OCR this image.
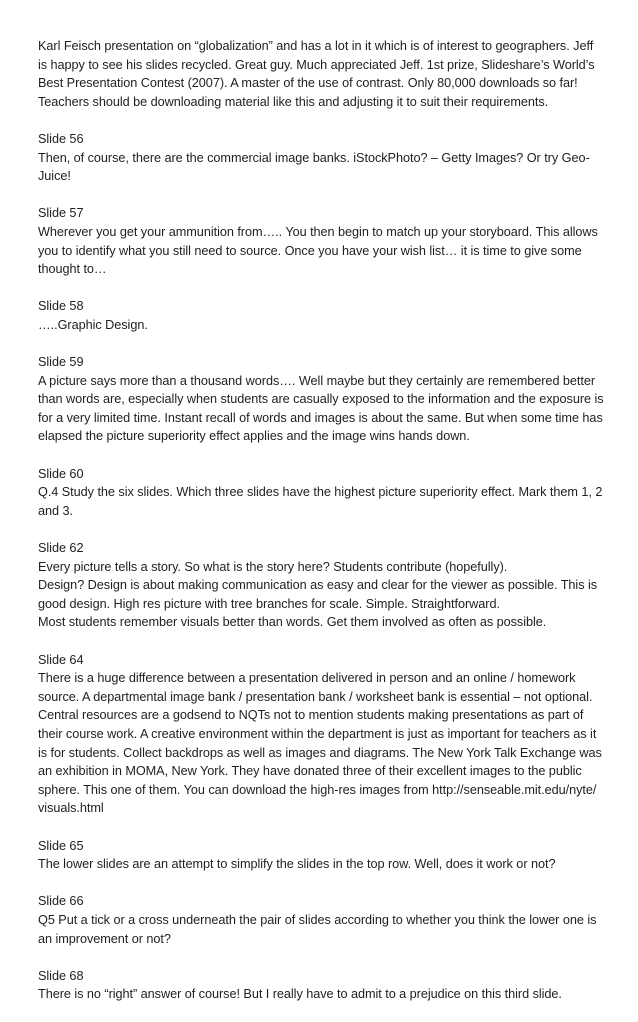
Karl Feisch presentation on “globalization” and has a lot in it which is of interest to geographers. Jeff
is happy to see his slides recycled. Great guy. Much appreciated Jeff. 1st prize, Slideshare’s World’s
Best Presentation Contest (2007). A master of the use of contrast. Only 80,000 downloads so far!
Teachers should be downloading material like this and adjusting it to suit their requirements.
Slide 56
Then, of course, there are the commercial image banks. iStockPhoto? – Getty Images? Or try Geo-
Juice!
Slide 57
Wherever you get your ammunition from….. You then begin to match up your storyboard. This allows
you to identify what you still need to source. Once you have your wish list… it is time to give some
thought to…
Slide 58
…..Graphic Design.
Slide 59
A picture says more than a thousand words…. Well maybe but they certainly are remembered better
than words are, especially when students are casually exposed to the information and the exposure is
for a very limited time. Instant recall of words and images is about the same. But when some time has
elapsed the picture superiority effect applies and the image wins hands down.
Slide 60
Q.4 Study the six slides. Which three slides have the highest picture superiority effect. Mark them 1, 2
and 3.
Slide 62
Every picture tells a story. So what is the story here? Students contribute (hopefully).
Design? Design is about making communication as easy and clear for the viewer as possible. This is
good design. High res picture with tree branches for scale. Simple. Straightforward.
Most students remember visuals better than words. Get them involved as often as possible.
Slide 64
There is a huge difference between a presentation delivered in person and an online / homework
source. A departmental image bank / presentation bank / worksheet bank is essential – not optional.
Central resources are a godsend to NQTs not to mention students making presentations as part of
their course work. A creative environment within the department is just as important for teachers as it
is for students. Collect backdrops as well as images and diagrams. The New York Talk Exchange was
an exhibition in MOMA, New York. They have donated three of their excellent images to the public
sphere. This one of them. You can download the high-res images from http://senseable.mit.edu/nyte/
visuals.html
Slide 65
The lower slides are an attempt to simplify the slides in the top row. Well, does it work or not?
Slide 66
Q5 Put a tick or a cross underneath the pair of slides according to whether you think the lower one is
an improvement or not?
Slide 68
There is no “right” answer of course! But I really have to admit to a prejudice on this third slide.
